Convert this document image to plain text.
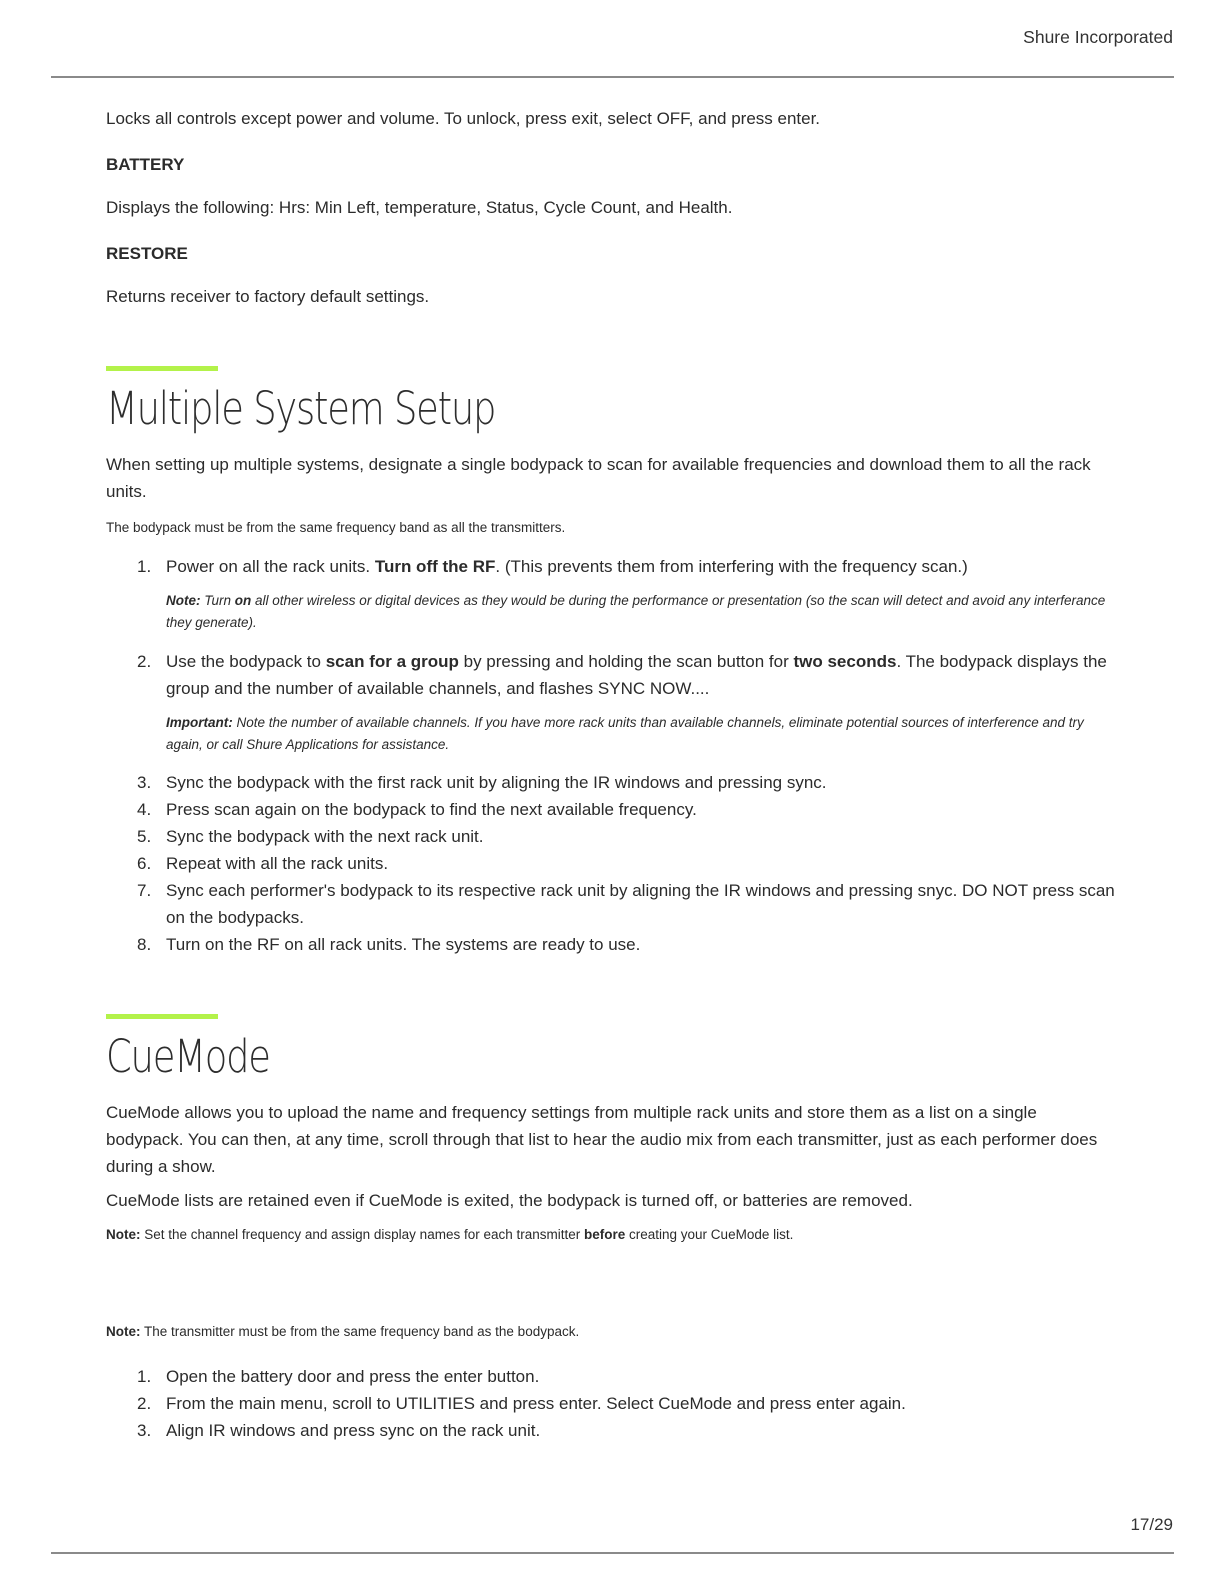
Shure Incorporated

Locks all controls except power and volume. To unlock, press exit, select OFF, and press enter.

BATTERY

Displays the following: Hrs: Min Left, temperature, Status, Cycle Count, and Health.

RESTORE

Returns receiver to factory default settings.

Multiple System Setup

When setting up multiple systems, designate a single bodypack to scan for available frequencies and download them to all the rack units.

The bodypack must be from the same frequency band as all the transmitters.

1. Power on all the rack units. Turn off the RF. (This prevents them from interfering with the frequency scan.)
Note: Turn on all other wireless or digital devices as they would be during the performance or presentation (so the scan will detect and avoid any interferance they generate).
2. Use the bodypack to scan for a group by pressing and holding the scan button for two seconds. The bodypack displays the group and the number of available channels, and flashes SYNC NOW....
Important: Note the number of available channels. If you have more rack units than available channels, eliminate potential sources of interference and try again, or call Shure Applications for assistance.
3. Sync the bodypack with the first rack unit by aligning the IR windows and pressing sync.
4. Press scan again on the bodypack to find the next available frequency.
5. Sync the bodypack with the next rack unit.
6. Repeat with all the rack units.
7. Sync each performer's bodypack to its respective rack unit by aligning the IR windows and pressing snyc. DO NOT press scan on the bodypacks.
8. Turn on the RF on all rack units. The systems are ready to use.
CueMode

CueMode allows you to upload the name and frequency settings from multiple rack units and store them as a list on a single bodypack. You can then, at any time, scroll through that list to hear the audio mix from each transmitter, just as each performer does during a show.

CueMode lists are retained even if CueMode is exited, the bodypack is turned off, or batteries are removed.

Note: Set the channel frequency and assign display names for each transmitter before creating your CueMode list.

Note: The transmitter must be from the same frequency band as the bodypack.

1. Open the battery door and press the enter button.
2. From the main menu, scroll to UTILITIES and press enter. Select CueMode and press enter again.
3. Align IR windows and press sync on the rack unit.
17/29
